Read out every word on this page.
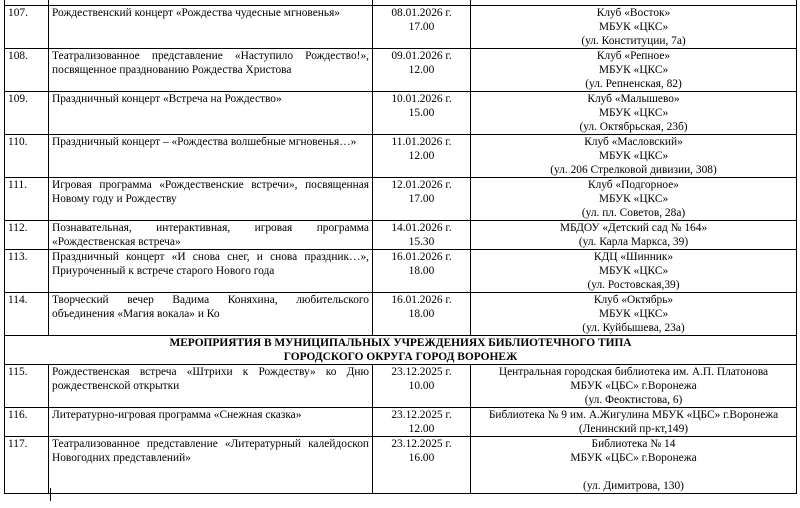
107.	Рождественский концерт «Рождества чудесные мгновенья»	08.01.2026 г.
17.00	Клуб «Восток»
МБУК «ЦКС»
(ул. Конституции, 7а)

108.	Театрализованное представление «Наступило Рождество!», посвященное празднованию Рождества Христова	09.01.2026 г.
12.00	Клуб «Репное»
МБУК «ЦКС»
(ул. Репненская, 82)

109.	Праздничный концерт «Встреча на Рождество»	10.01.2026 г.
15.00	Клуб «Малышево»
МБУК «ЦКС»
(ул. Октябрьская, 23б)

110.	Праздничный концерт – «Рождества волшебные мгновенья…»	11.01.2026 г.
12.00	Клуб «Масловский»
МБУК «ЦКС»
(ул. 206 Стрелковой дивизии, 308)

111.	Игровая программа «Рождественские встречи», посвященная Новому году и Рождеству	12.01.2026 г.
17.00	Клуб «Подгорное»
МБУК «ЦКС»
(ул. пл. Советов, 28а)

112.	Познавательная, интерактивная, игровая программа «Рождественская встреча»	14.01.2026 г.
15.30	МБДОУ «Детский сад № 164»
(ул. Карла Маркса, 39)

113.	Праздничный концерт «И снова снег, и снова праздник…», Приуроченный к встрече старого Нового года	16.01.2026 г.
18.00	КДЦ «Шинник»
МБУК «ЦКС»
(ул. Ростовская,39)

114.	Творческий вечер Вадима Коняхина, любительского объединения «Магия вокала» и Ко	16.01.2026 г.
18.00	Клуб «Октябрь»
МБУК «ЦКС»
(ул. Куйбышева, 23а)

МЕРОПРИЯТИЯ В МУНИЦИПАЛЬНЫХ УЧРЕЖДЕНИЯХ БИБЛИОТЕЧНОГО ТИПА
ГОРОДСКОГО ОКРУГА ГОРОД ВОРОНЕЖ			

115.	Рождественская встреча «Штрихи к Рождеству» ко Дню рождественской открытки	23.12.2025 г.
10.00	Центральная городская библиотека им. А.П. Платонова
МБУК «ЦБС» г.Воронежа
(ул. Феоктистова, 6)

116.	Литературно-игровая программа «Снежная сказка»	23.12.2025 г.
12.00	Библиотека № 9 им. А.Жигулина МБУК «ЦБС» г.Воронежа
(Ленинский пр-кт,149)

117.	Театрализованное представление «Литературный калейдоскоп Новогодних представлений»	23.12.2025 г.
16.00	Библиотека № 14
МБУК «ЦБС» г.Воронежа

(ул. Димитрова, 130)
